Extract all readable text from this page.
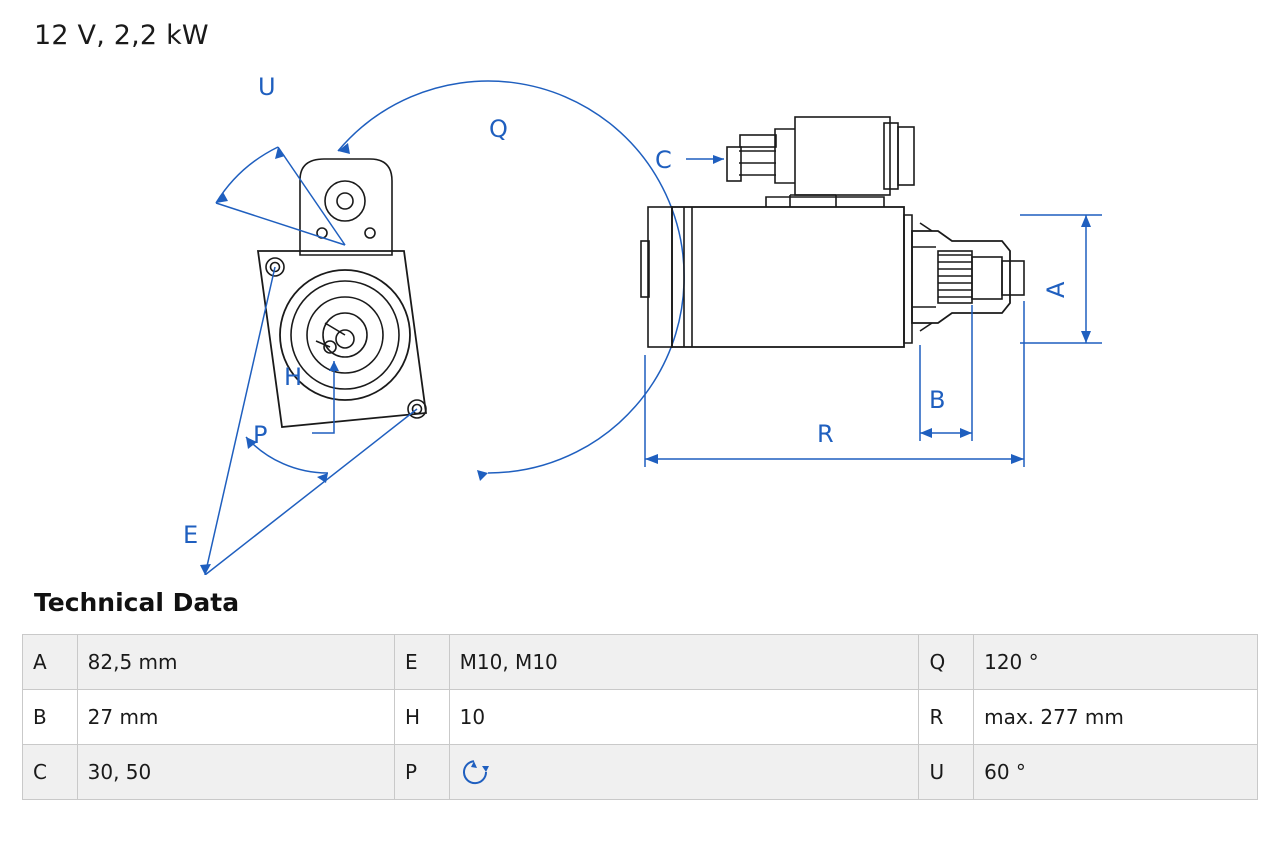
12 V, 2,2 kW
U
Q
H
P
E
C
A
B
R
Technical Data
A	82,5 mm	E	M10, M10	Q	120 °
B	27 mm	H	10	R	max. 277 mm
C	30, 50	P		U	60 °
